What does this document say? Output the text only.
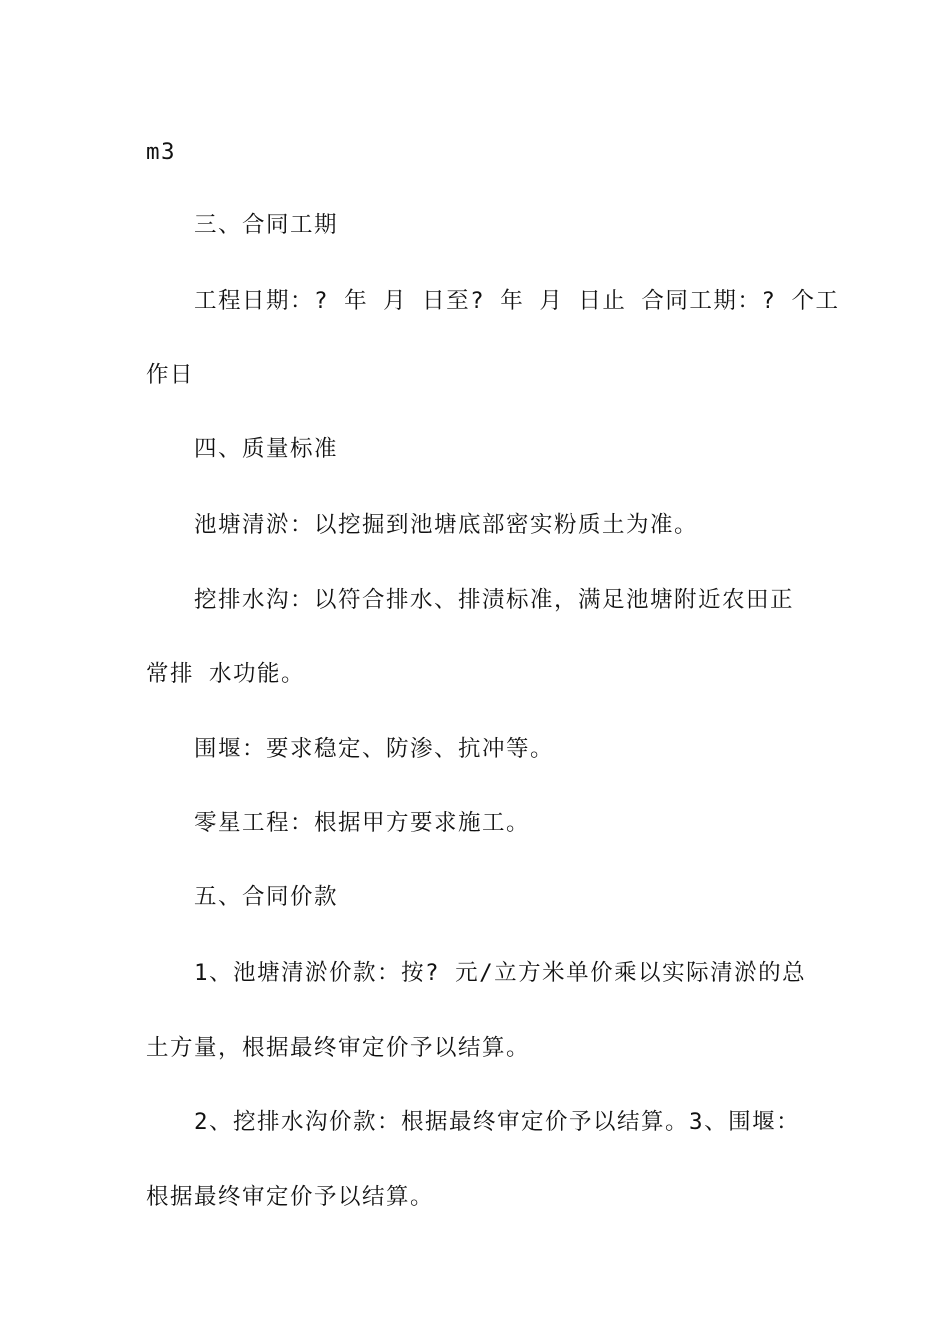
m3
三、合同工期
工程日期：? 年 月 日至? 年 月 日止 合同工期：? 个工
作日
四、质量标准
池塘清淤：以挖掘到池塘底部密实粉质土为准。
挖排水沟：以符合排水、排渍标准，满足池塘附近农田正
常排 水功能。
围堰：要求稳定、防渗、抗冲等。
零星工程：根据甲方要求施工。
五、合同价款
1、池塘清淤价款：按? 元/立方米单价乘以实际清淤的总
土方量，根据最终审定价予以结算。
2、挖排水沟价款：根据最终审定价予以结算。3、围堰：
根据最终审定价予以结算。
